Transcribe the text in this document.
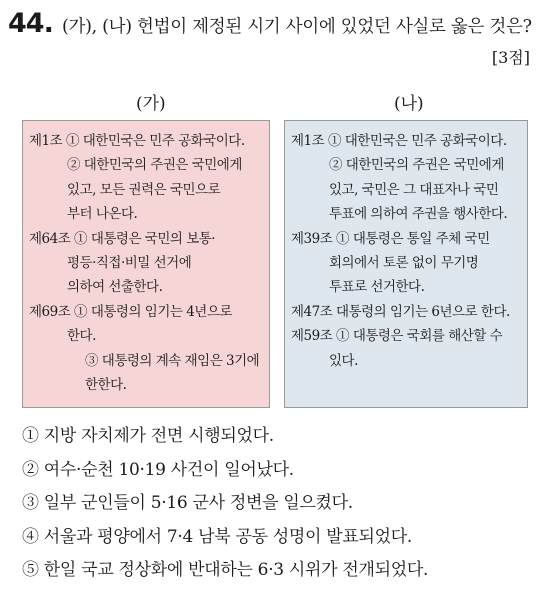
44. (가), (나) 헌법이 제정된 시기 사이에 있었던 사실로 옳은 것은?
[3점]
(가)	(나)
제1조 ① 대한민국은 민주 공화국이다.
② 대한민국의 주권은 국민에게
있고, 모든 권력은 국민으로
부터 나온다.
제64조 ① 대통령은 국민의 보통·
평등·직접·비밀 선거에
의하여 선출한다.
제69조 ① 대통령의 임기는 4년으로
한다.
③ 대통령의 계속 재임은 3기에
한한다.
제1조 ① 대한민국은 민주 공화국이다.
② 대한민국의 주권은 국민에게
있고, 국민은 그 대표자나 국민
투표에 의하여 주권을 행사한다.
제39조 ① 대통령은 통일 주체 국민
회의에서 토론 없이 무기명
투표로 선거한다.
제47조 대통령의 임기는 6년으로 한다.
제59조 ① 대통령은 국회를 해산할 수
있다.
① 지방 자치제가 전면 시행되었다.
② 여수·순천 10·19 사건이 일어났다.
③ 일부 군인들이 5·16 군사 정변을 일으켰다.
④ 서울과 평양에서 7·4 남북 공동 성명이 발표되었다.
⑤ 한일 국교 정상화에 반대하는 6·3 시위가 전개되었다.
